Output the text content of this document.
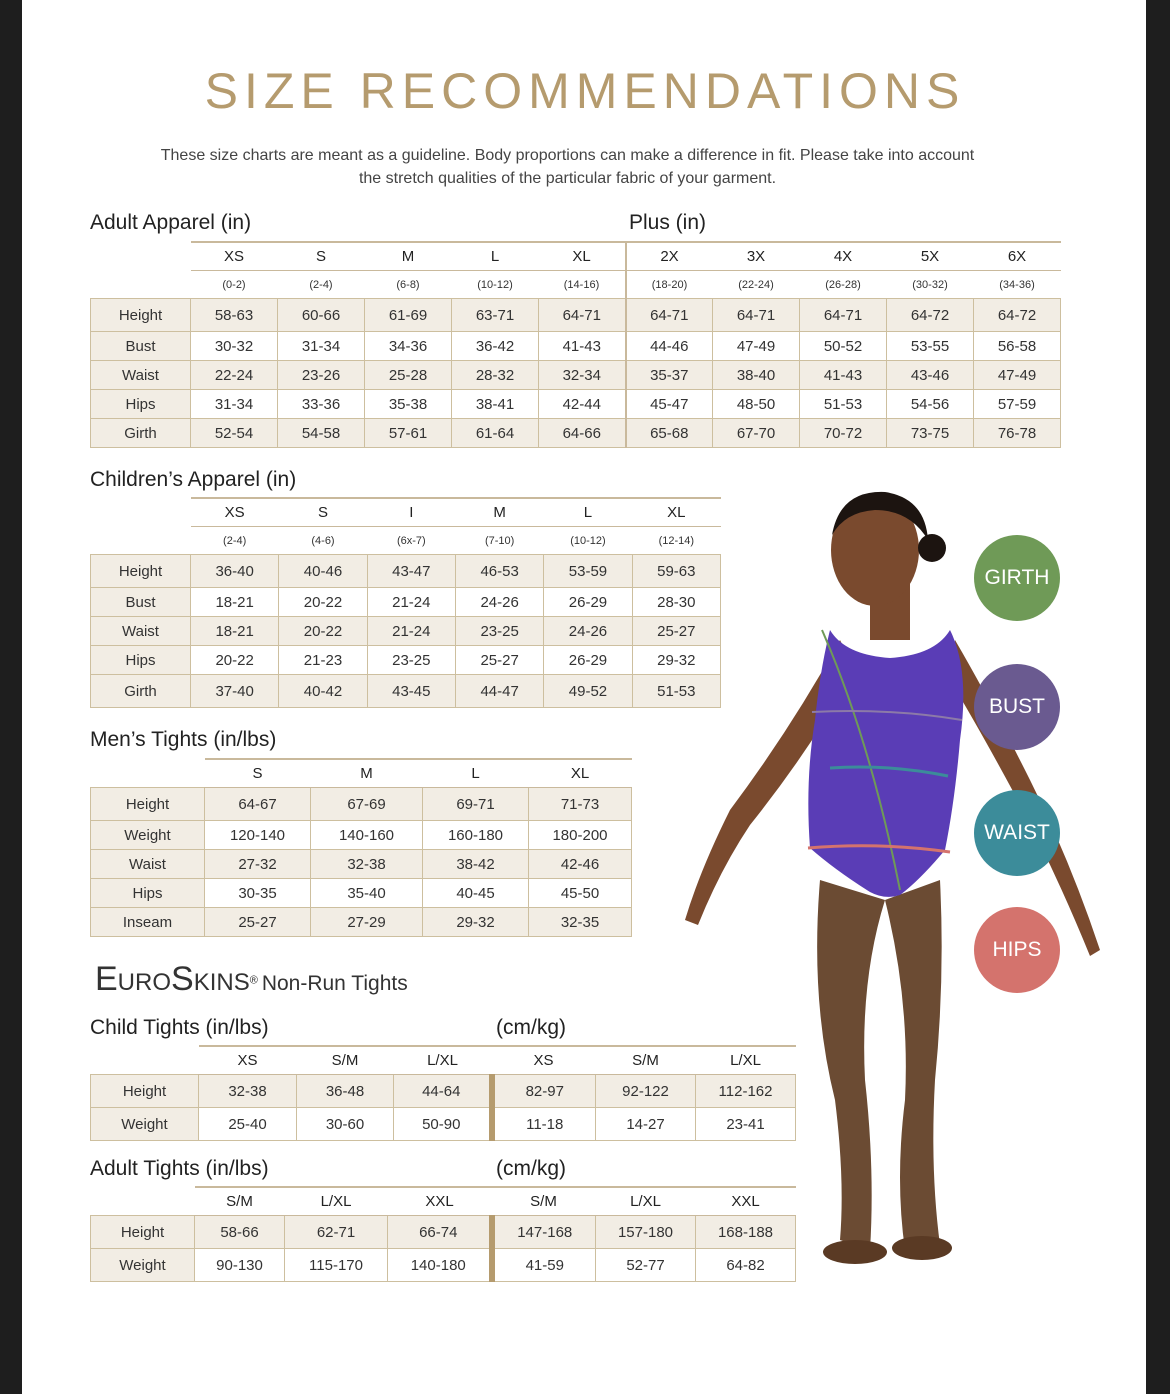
SIZE RECOMMENDATIONS
These size charts are meant as a guideline. Body proportions can make a difference in fit. Please take into account the stretch qualities of the particular fabric of your garment.
Adult Apparel (in)	Plus (in)
	XS	S	M	L	XL	2X	3X	4X	5X	6X
	(0-2)	(2-4)	(6-8)	(10-12)	(14-16)	(18-20)	(22-24)	(26-28)	(30-32)	(34-36)
Height	58-63	60-66	61-69	63-71	64-71	64-71	64-71	64-71	64-72	64-72
Bust	30-32	31-34	34-36	36-42	41-43	44-46	47-49	50-52	53-55	56-58
Waist	22-24	23-26	25-28	28-32	32-34	35-37	38-40	41-43	43-46	47-49
Hips	31-34	33-36	35-38	38-41	42-44	45-47	48-50	51-53	54-56	57-59
Girth	52-54	54-58	57-61	61-64	64-66	65-68	67-70	70-72	73-75	76-78
Children’s Apparel (in)
	XS	S	I	M	L	XL
	(2-4)	(4-6)	(6x-7)	(7-10)	(10-12)	(12-14)
Height	36-40	40-46	43-47	46-53	53-59	59-63
Bust	18-21	20-22	21-24	24-26	26-29	28-30
Waist	18-21	20-22	21-24	23-25	24-26	25-27
Hips	20-22	21-23	23-25	25-27	26-29	29-32
Girth	37-40	40-42	43-45	44-47	49-52	51-53
Men’s Tights (in/lbs)
	S	M	L	XL
Height	64-67	67-69	69-71	71-73
Weight	120-140	140-160	160-180	180-200
Waist	27-32	32-38	38-42	42-46
Hips	30-35	35-40	40-45	45-50
Inseam	25-27	27-29	29-32	32-35
EuroSkins® Non-Run Tights
Child Tights (in/lbs)	(cm/kg)
	XS	S/M	L/XL	XS	S/M	L/XL
Height	32-38	36-48	44-64	82-97	92-122	112-162
Weight	25-40	30-60	50-90	11-18	14-27	23-41
Adult Tights (in/lbs)	(cm/kg)
	S/M	L/XL	XXL	S/M	L/XL	XXL
Height	58-66	62-71	66-74	147-168	157-180	168-188
Weight	90-130	115-170	140-180	41-59	52-77	64-82
GIRTH
BUST
WAIST
HIPS
